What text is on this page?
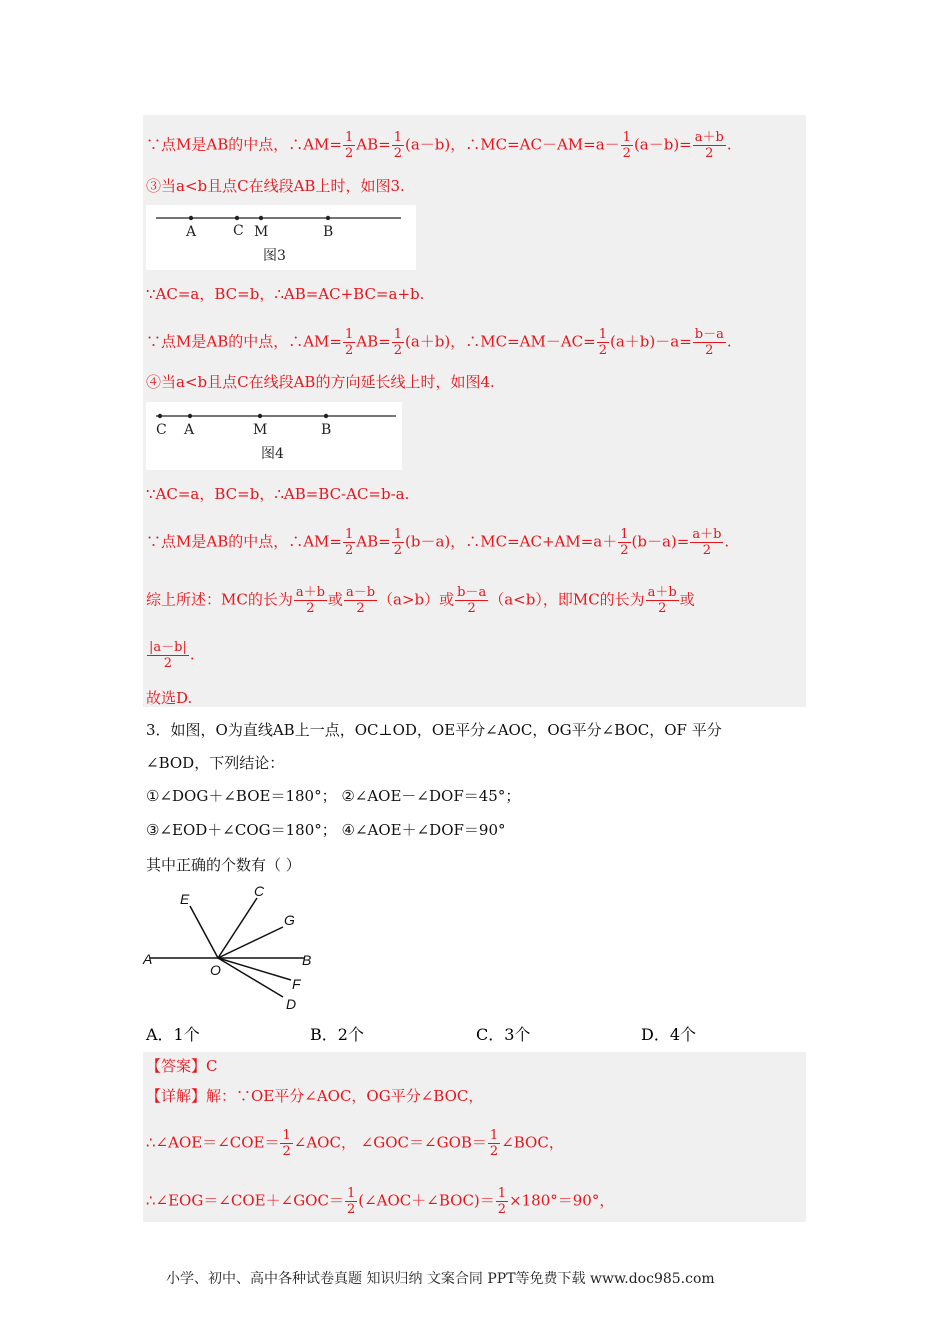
∵点M是AB的中点，∴AM= $\frac{1}{2} AB= \frac{1}{2} (a-b)$，∴MC=AC－AM=a－ $\frac{1}{2} (a-b)= \frac{a+b}{2}$ .
③当a<b且点C在线段AB上时，如图3.
A	C M	B
图3
∵AC=a，BC=b，∴AB=AC+BC=a+b.
∵点M是AB的中点，∴AM= $\frac{1}{2} AB= \frac{1}{2} (a+b)$，∴MC=AM－AC= $\frac{1}{2} (a+b)-a= \frac{b-a}{2}$ .
④当a<b且点C在线段AB的方向延长线上时，如图4.
C A	M	B
图4
∵AC=a，BC=b，∴AB=BC-AC=b-a.
∵点M是AB的中点，∴AM= $\frac{1}{2} AB= \frac{1}{2} (b-a)$，∴MC=AC+AM=a＋ $\frac{1}{2} (b-a)= \frac{a+b}{2}$ .
综上所述：MC的长为 $\frac{a+b}{2}$ 或 $\frac{a-b}{2} (a>b)$或 $\frac{b-a}{2} (a<b)$，即MC的长为 $\frac{a+b}{2}$ 或
$\frac{|a-b|}{2}$ .
故选D.
3．如图，O为直线AB上一点，OC⊥OD，OE平分∠AOC，OG平分∠BOC，OF 平分
∠BOD，下列结论：
①∠DOG＋∠BOE＝180°； ②∠AOE－∠DOF＝45°；
③∠EOD＋∠COG＝180°； ④∠AOE＋∠DOF＝90°
其中正确的个数有（ ）
E	C
G
A
O
B
F
D
A．1个	B．2个	C．3个	D．4个
【答案】C
【详解】解：∵OE平分∠AOC，OG平分∠BOC，
∴∠AOE＝∠COE＝ $\frac{1}{2}$ ∠AOC， ∠GOC＝∠GOB＝ $\frac{1}{2}$ ∠BOC，
∴∠EOG＝∠COE＋∠GOC＝ $\frac{1}{2}$ (∠AOC＋∠BOC)＝ $\frac{1}{2} \times 180^\circ=90^\circ$，
小学、初中、高中各种试卷真题 知识归纳 文案合同 PPT等免费下载 www.doc985.com
